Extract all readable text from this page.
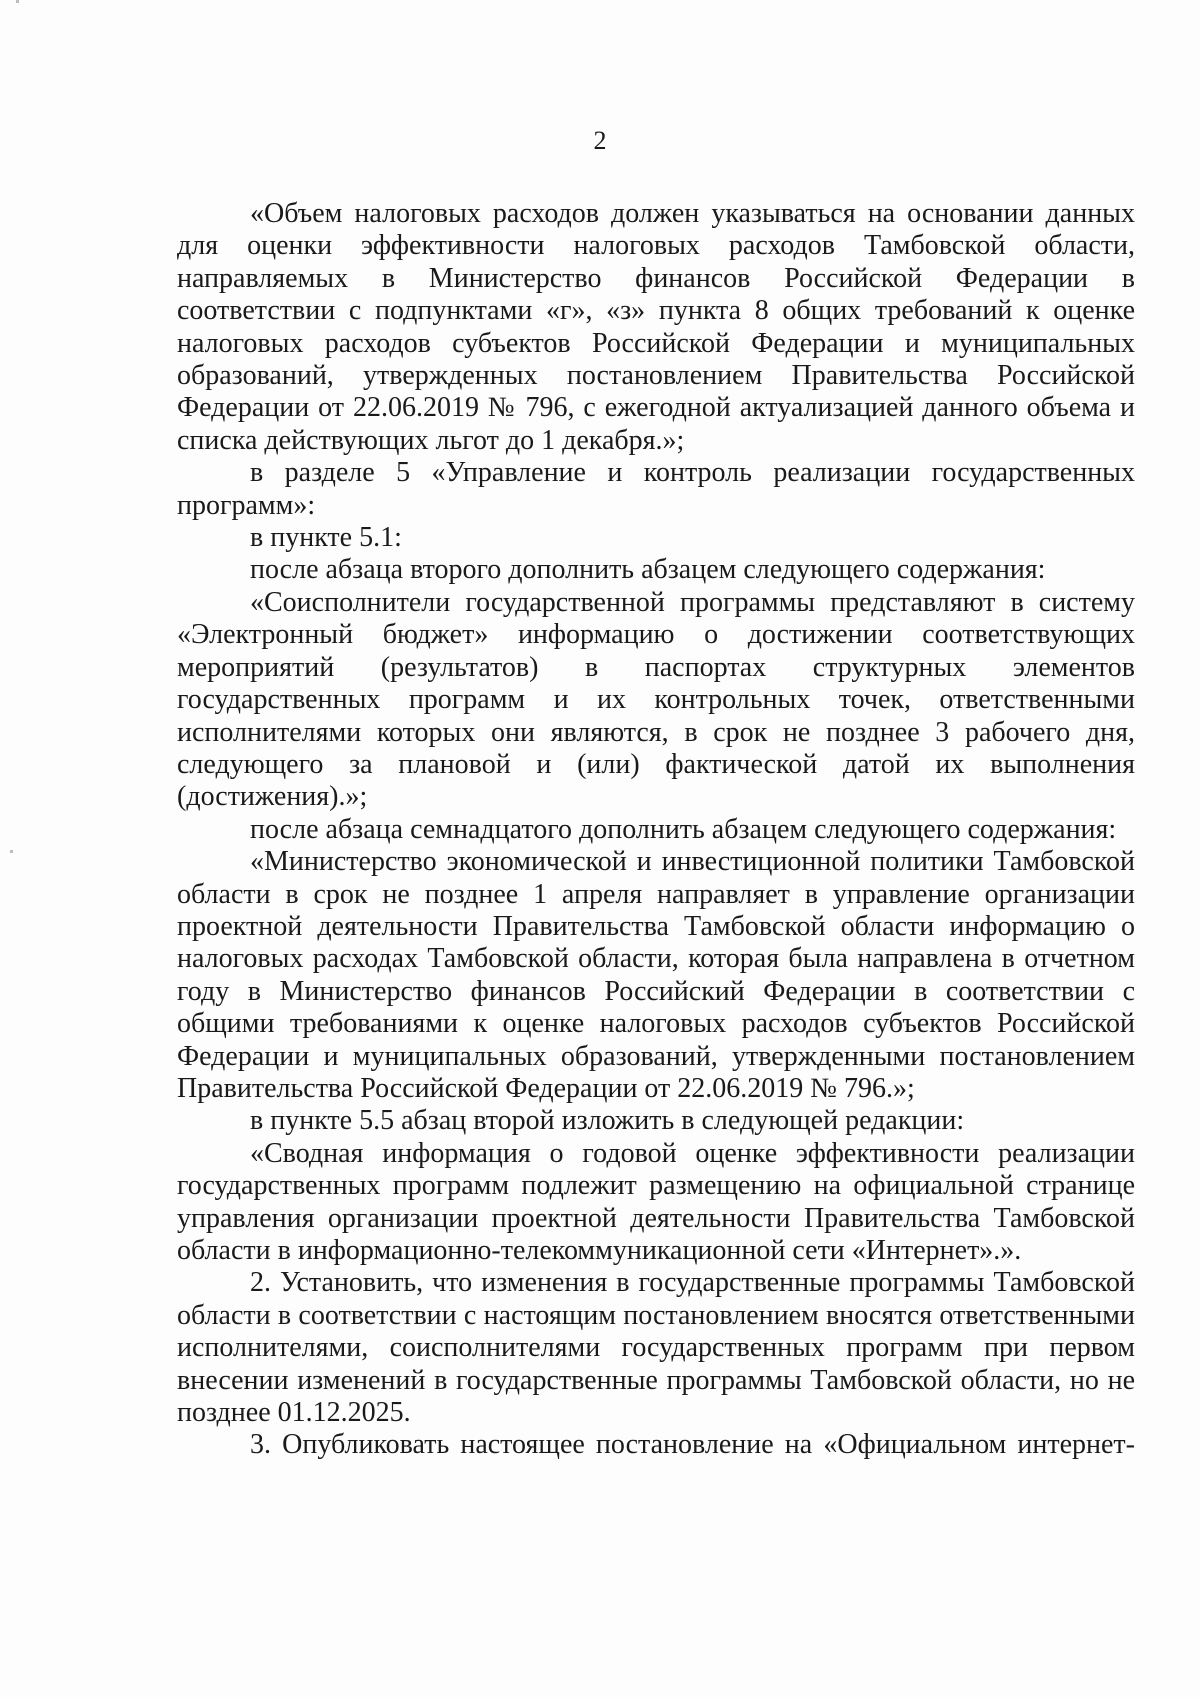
2

«Объем налоговых расходов должен указываться на основании данных для оценки эффективности налоговых расходов Тамбовской области, направляемых в Министерство финансов Российской Федерации в соответствии с подпунктами «г», «з» пункта 8 общих требований к оценке налоговых расходов субъектов Российской Федерации и муниципальных образований, утвержденных постановлением Правительства Российской Федерации от 22.06.2019 № 796, с ежегодной актуализацией данного объема и списка действующих льгот до 1 декабря.»;

в разделе 5 «Управление и контроль реализации государственных программ»:

в пункте 5.1:

после абзаца второго дополнить абзацем следующего содержания:

«Соисполнители государственной программы представляют в систему «Электронный бюджет» информацию о достижении соответствующих мероприятий (результатов) в паспортах структурных элементов государственных программ и их контрольных точек, ответственными исполнителями которых они являются, в срок не позднее 3 рабочего дня, следующего за плановой и (или) фактической датой их выполнения (достижения).»;

после абзаца семнадцатого дополнить абзацем следующего содержания:

«Министерство экономической и инвестиционной политики Тамбовской области в срок не позднее 1 апреля направляет в управление организации проектной деятельности Правительства Тамбовской области информацию о налоговых расходах Тамбовской области, которая была направлена в отчетном году в Министерство финансов Российский Федерации в соответствии с общими требованиями к оценке налоговых расходов субъектов Российской Федерации и муниципальных образований, утвержденными постановлением Правительства Российской Федерации от 22.06.2019 № 796.»;

в пункте 5.5 абзац второй изложить в следующей редакции:

«Сводная информация о годовой оценке эффективности реализации государственных программ подлежит размещению на официальной странице управления организации проектной деятельности Правительства Тамбовской области в информационно-телекоммуникационной сети «Интернет».».

2. Установить, что изменения в государственные программы Тамбовской области в соответствии с настоящим постановлением вносятся ответственными исполнителями, соисполнителями государственных программ при первом внесении изменений в государственные программы Тамбовской области, но не позднее 01.12.2025.

3. Опубликовать настоящее постановление на «Официальном интернет-
